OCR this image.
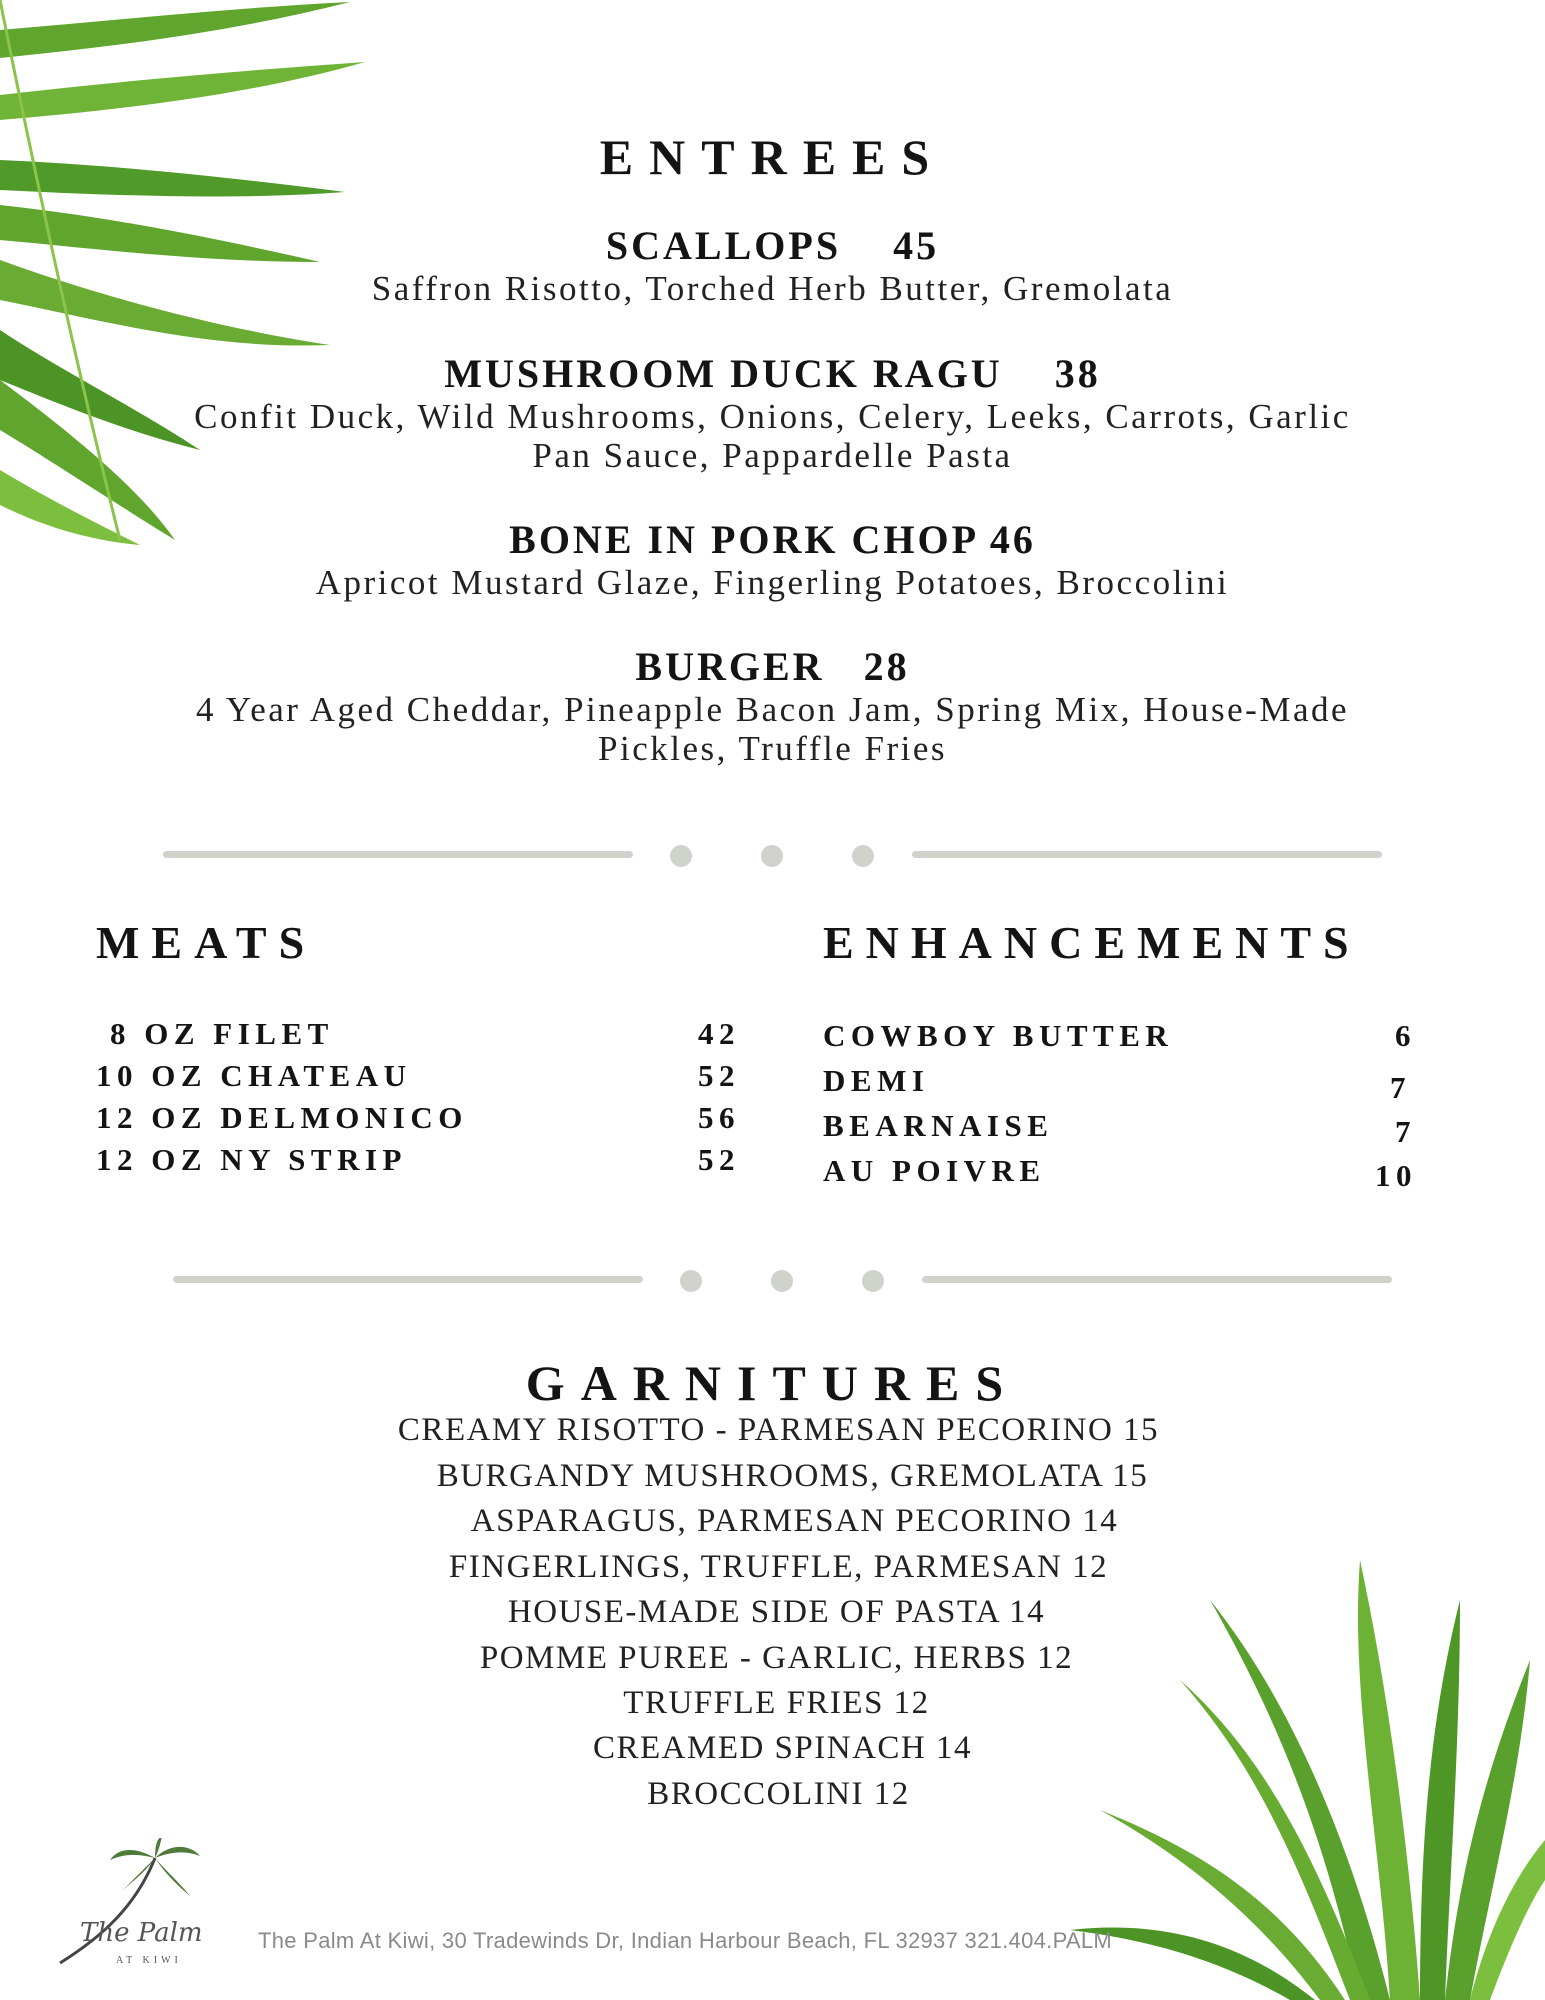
ENTREES
SCALLOPS 45
Saffron Risotto, Torched Herb Butter, Gremolata
MUSHROOM DUCK RAGU 38
Confit Duck, Wild Mushrooms, Onions, Celery, Leeks, Carrots, Garlic
Pan Sauce, Pappardelle Pasta
BONE IN PORK CHOP 46
Apricot Mustard Glaze, Fingerling Potatoes, Broccolini
BURGER 28
4 Year Aged Cheddar, Pineapple Bacon Jam, Spring Mix, House-Made
Pickles, Truffle Fries
MEATS
8 OZ FILET	42
10 OZ CHATEAU	52
12 OZ DELMONICO	56
12 OZ NY STRIP	52
ENHANCEMENTS
COWBOY BUTTER	6
DEMI	7
BEARNAISE	7
AU POIVRE	10
GARNITURES
CREAMY RISOTTO - PARMESAN PECORINO 15
BURGANDY MUSHROOMS, GREMOLATA 15
ASPARAGUS, PARMESAN PECORINO 14
FINGERLINGS, TRUFFLE, PARMESAN 12
HOUSE-MADE SIDE OF PASTA 14
POMME PUREE - GARLIC, HERBS 12
TRUFFLE FRIES 12
CREAMED SPINACH 14
BROCCOLINI 12
The Palm
AT KIWI
The Palm At Kiwi, 30 Tradewinds Dr, Indian Harbour Beach, FL 32937 321.404.PALM
